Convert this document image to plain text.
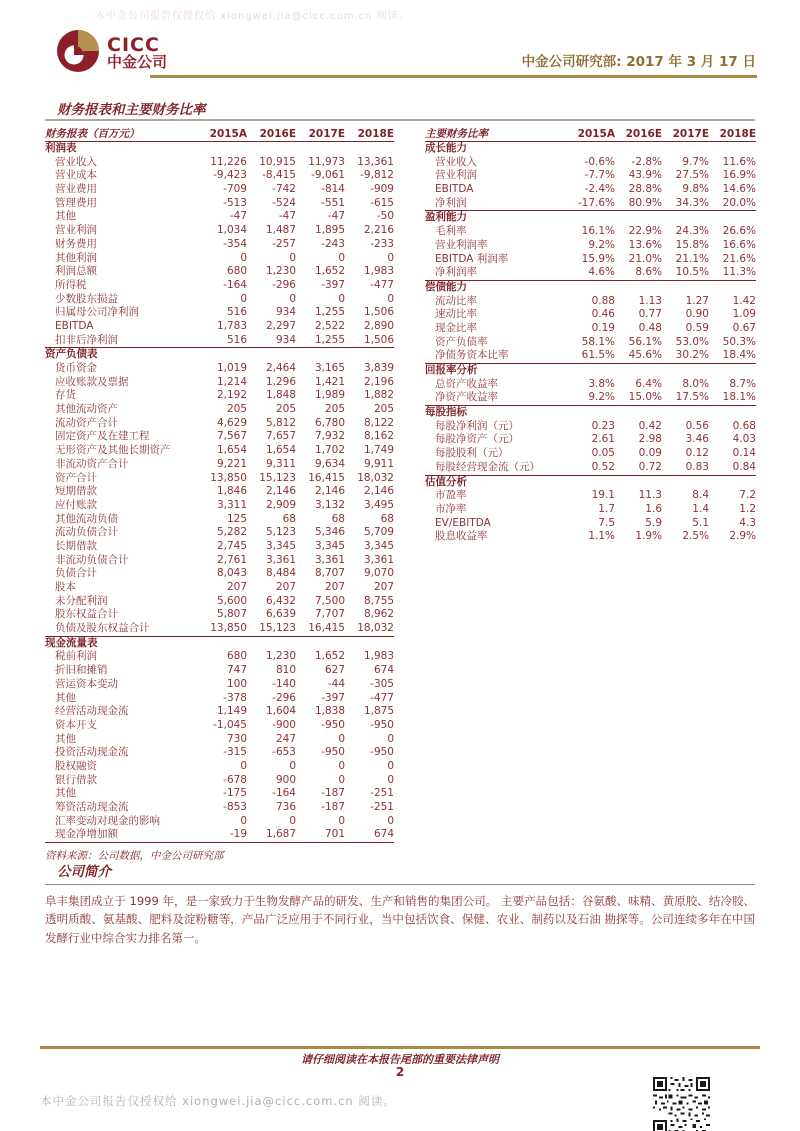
本中金公司报告仅授权给 xiongwei.jia@cicc.com.cn 阅读。
CICC
中金公司	中金公司研究部: 2017 年 3 月 17 日
财务报表和主要财务比率
财务报表（百万元）	2015A	2016E	2017E	2018E
利润表
营业收入	11,226	10,915	11,973	13,361
营业成本	-9,423	-8,415	-9,061	-9,812
营业费用	-709	-742	-814	-909
管理费用	-513	-524	-551	-615
其他	-47	-47	-47	-50
营业利润	1,034	1,487	1,895	2,216
财务费用	-354	-257	-243	-233
其他利润	0	0	0	0
利润总额	680	1,230	1,652	1,983
所得税	-164	-296	-397	-477
少数股东损益	0	0	0	0
归属母公司净利润	516	934	1,255	1,506
EBITDA	1,783	2,297	2,522	2,890
扣非后净利润	516	934	1,255	1,506
资产负债表
货币资金	1,019	2,464	3,165	3,839
应收账款及票据	1,214	1,296	1,421	2,196
存货	2,192	1,848	1,989	1,882
其他流动资产	205	205	205	205
流动资产合计	4,629	5,812	6,780	8,122
固定资产及在建工程	7,567	7,657	7,932	8,162
无形资产及其他长期资产	1,654	1,654	1,702	1,749
非流动资产合计	9,221	9,311	9,634	9,911
资产合计	13,850	15,123	16,415	18,032
短期借款	1,846	2,146	2,146	2,146
应付账款	3,311	2,909	3,132	3,495
其他流动负债	125	68	68	68
流动负债合计	5,282	5,123	5,346	5,709
长期借款	2,745	3,345	3,345	3,345
非流动负债合计	2,761	3,361	3,361	3,361
负债合计	8,043	8,484	8,707	9,070
股本	207	207	207	207
未分配利润	5,600	6,432	7,500	8,755
股东权益合计	5,807	6,639	7,707	8,962
负债及股东权益合计	13,850	15,123	16,415	18,032
现金流量表
税前利润	680	1,230	1,652	1,983
折旧和摊销	747	810	627	674
营运资本变动	100	-140	-44	-305
其他	-378	-296	-397	-477
经营活动现金流	1,149	1,604	1,838	1,875
资本开支	-1,045	-900	-950	-950
其他	730	247	0	0
投资活动现金流	-315	-653	-950	-950
股权融资	0	0	0	0
银行借款	-678	900	0	0
其他	-175	-164	-187	-251
筹资活动现金流	-853	736	-187	-251
汇率变动对现金的影响	0	0	0	0
现金净增加额	-19	1,687	701	674
资料来源：公司数据，中金公司研究部
主要财务比率	2015A	2016E	2017E	2018E
成长能力
营业收入	-0.6%	-2.8%	9.7%	11.6%
营业利润	-7.7%	43.9%	27.5%	16.9%
EBITDA	-2.4%	28.8%	9.8%	14.6%
净利润	-17.6%	80.9%	34.3%	20.0%
盈利能力
毛利率	16.1%	22.9%	24.3%	26.6%
营业利润率	9.2%	13.6%	15.8%	16.6%
EBITDA 利润率	15.9%	21.0%	21.1%	21.6%
净利润率	4.6%	8.6%	10.5%	11.3%
偿债能力
流动比率	0.88	1.13	1.27	1.42
速动比率	0.46	0.77	0.90	1.09
现金比率	0.19	0.48	0.59	0.67
资产负债率	58.1%	56.1%	53.0%	50.3%
净债务资本比率	61.5%	45.6%	30.2%	18.4%
回报率分析
总资产收益率	3.8%	6.4%	8.0%	8.7%
净资产收益率	9.2%	15.0%	17.5%	18.1%
每股指标
每股净利润（元）	0.23	0.42	0.56	0.68
每股净资产（元）	2.61	2.98	3.46	4.03
每股股利（元）	0.05	0.09	0.12	0.14
每股经营现金流（元）	0.52	0.72	0.83	0.84
估值分析
市盈率	19.1	11.3	8.4	7.2
市净率	1.7	1.6	1.4	1.2
EV/EBITDA	7.5	5.9	5.1	4.3
股息收益率	1.1%	1.9%	2.5%	2.9%
公司简介
阜丰集团成立于 1999 年，是一家致力于生物发酵产品的研发、生产和销售的集团公司。 主要产品包括：谷氨酸、味精、黄原胶、结冷胶、透明质酸、氨基酸、肥料及淀粉糖等，产品广泛应用于不同行业，当中包括饮食、保健、农业、制药以及石油 勘探等。公司连续多年在中国发酵行业中综合实力排名第一。
请仔细阅读在本报告尾部的重要法律声明
2
本中金公司报告仅授权给 xiongwei.jia@cicc.com.cn 阅读。
